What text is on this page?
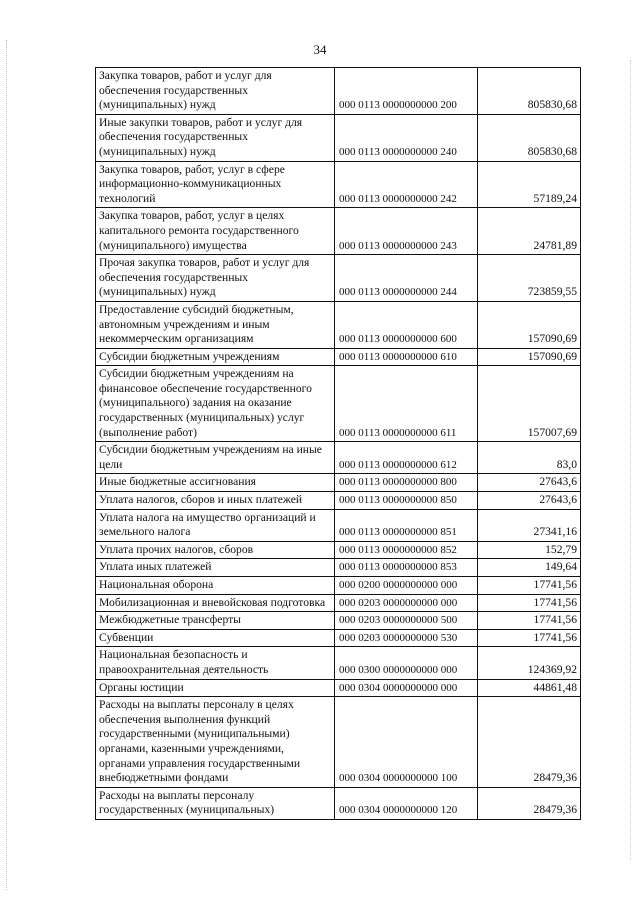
34
Закупка товаров, работ и услуг для обеспечения государственных (муниципальных) нужд	000 0113 0000000000 200	805830,68
Иные закупки товаров, работ и услуг для обеспечения государственных (муниципальных) нужд	000 0113 0000000000 240	805830,68
Закупка товаров, работ, услуг в сфере информационно-коммуникационных технологий	000 0113 0000000000 242	57189,24
Закупка товаров, работ, услуг в целях капитального ремонта государственного (муниципального) имущества	000 0113 0000000000 243	24781,89
Прочая закупка товаров, работ и услуг для обеспечения государственных (муниципальных) нужд	000 0113 0000000000 244	723859,55
Предоставление субсидий бюджетным, автономным учреждениям и иным некоммерческим организациям	000 0113 0000000000 600	157090,69
Субсидии бюджетным учреждениям	000 0113 0000000000 610	157090,69
Субсидии бюджетным учреждениям на финансовое обеспечение государственного (муниципального) задания на оказание государственных (муниципальных) услуг (выполнение работ)	000 0113 0000000000 611	157007,69
Субсидии бюджетным учреждениям на иные цели	000 0113 0000000000 612	83,0
Иные бюджетные ассигнования	000 0113 0000000000 800	27643,6
Уплата налогов, сборов и иных платежей	000 0113 0000000000 850	27643,6
Уплата налога на имущество организаций и земельного налога	000 0113 0000000000 851	27341,16
Уплата прочих налогов, сборов	000 0113 0000000000 852	152,79
Уплата иных платежей	000 0113 0000000000 853	149,64
Национальная оборона	000 0200 0000000000 000	17741,56
Мобилизационная и вневойсковая подготовка	000 0203 0000000000 000	17741,56
Межбюджетные трансферты	000 0203 0000000000 500	17741,56
Субвенции	000 0203 0000000000 530	17741,56
Национальная безопасность и правоохранительная деятельность	000 0300 0000000000 000	124369,92
Органы юстиции	000 0304 0000000000 000	44861,48
Расходы на выплаты персоналу в целях обеспечения выполнения функций государственными (муниципальными) органами, казенными учреждениями, органами управления государственными внебюджетными фондами	000 0304 0000000000 100	28479,36
Расходы на выплаты персоналу государственных (муниципальных)	000 0304 0000000000 120	28479,36
